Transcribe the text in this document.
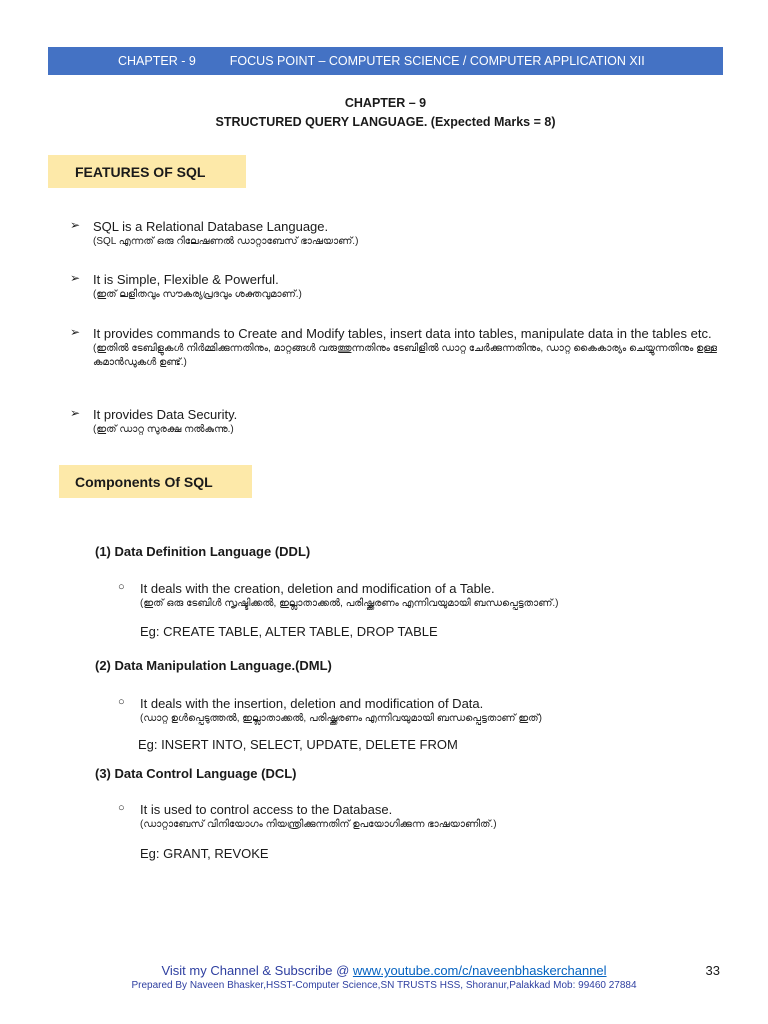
CHAPTER - 9	FOCUS POINT – COMPUTER SCIENCE / COMPUTER APPLICATION XII
CHAPTER – 9
STRUCTURED QUERY LANGUAGE. (Expected Marks = 8)
FEATURES OF SQL
➢ SQL is a Relational Database Language.
(SQL എന്നത് ഒരു റിലേഷണൽ ഡാറ്റാബേസ് ഭാഷയാണ്.)
➢ It is Simple, Flexible & Powerful.
(ഇത് ലളിതവും സൗകര്യപ്രദവും ശക്തവുമാണ്.)
➢ It provides commands to Create and Modify tables, insert data into tables, manipulate data in the tables etc.
(ഇതിൽ ടേബിളുകൾ നിർമ്മിക്കുന്നതിനും, മാറ്റങ്ങൾ വരുത്തുന്നതിനും ടേബിളിൽ ഡാറ്റ ചേർക്കുന്നതിനും, ഡാറ്റ കൈകാര്യം ചെയ്യുന്നതിനും ഉള്ള കമാൻഡുകൾ ഉണ്ട്.)
➢ It provides Data Security.
(ഇത് ഡാറ്റ സുരക്ഷ നൽകുന്നു.)
Components Of SQL
(1) Data Definition Language (DDL)
○ It deals with the creation, deletion and modification of a Table.
(ഇത് ഒരു ടേബിൾ സൃഷ്ടിക്കൽ, ഇല്ലാതാക്കൽ, പരിഷ്ക്കരണം എന്നിവയുമായി ബന്ധപ്പെട്ടതാണ്.)
Eg: CREATE TABLE, ALTER TABLE, DROP TABLE
(2) Data Manipulation Language.(DML)
○ It deals with the insertion, deletion and modification of Data.
(ഡാറ്റ ഉൾപ്പെടുത്തൽ, ഇല്ലാതാക്കൽ, പരിഷ്ക്കരണം എന്നിവയുമായി ബന്ധപ്പെട്ടതാണ് ഇത്)
Eg: INSERT INTO, SELECT, UPDATE, DELETE FROM
(3) Data Control Language (DCL)
○ It is used to control access to the Database.
(ഡാറ്റാബേസ് വിനിയോഗം നിയന്ത്രിക്കുന്നതിന് ഉപയോഗിക്കുന്ന ഭാഷയാണിത്.)
Eg: GRANT, REVOKE
Visit my Channel & Subscribe @ www.youtube.com/c/naveenbhaskerchannel	33
Prepared By Naveen Bhasker,HSST-Computer Science,SN TRUSTS HSS, Shoranur,Palakkad Mob: 99460 27884
